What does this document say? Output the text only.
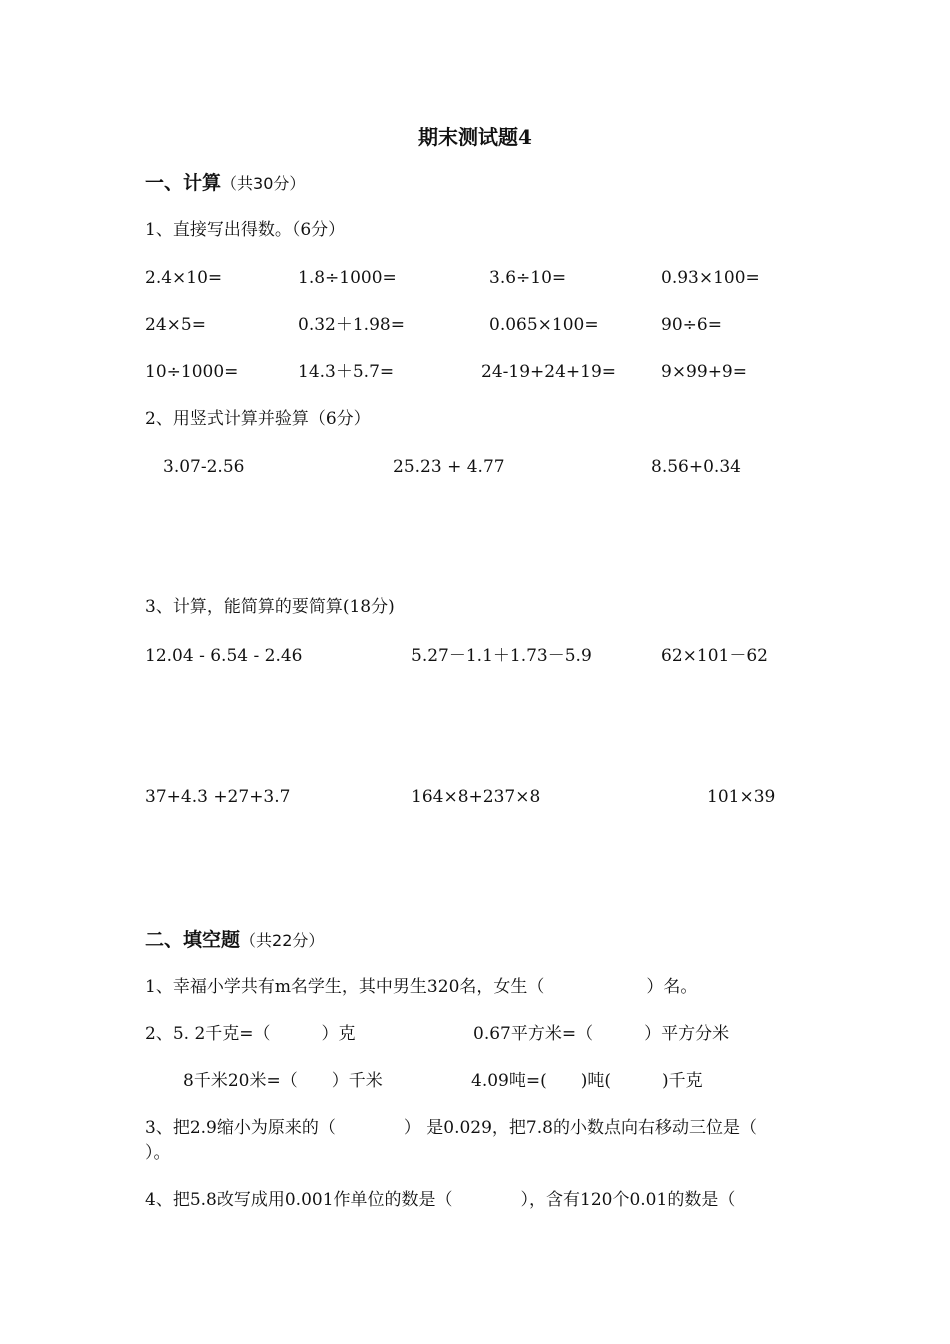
期末测试题4
一、计算（共30分）
1、直接写出得数。（6分）
2.4×10=	1.8÷1000=	3.6÷10=	0.93×100=
24×5=	0.32＋1.98=	0.065×100=	90÷6=
10÷1000=	14.3＋5.7=	24-19+24+19=	9×99+9=
2、用竖式计算并验算（6分）
3.07-2.56	25.23 + 4.77	8.56+0.34
3、计算，能简算的要简算(18分)
12.04 - 6.54 - 2.46	5.27－1.1＋1.73－5.9	62×101－62
37+4.3 +27+3.7	164×8+237×8	101×39
二、填空题（共22分）
1、幸福小学共有m名学生，其中男生320名，女生（　　　　　　）名。
2、5. 2千克=（　　　）克	0.67平方米=（　　　）平方分米
8千米20米=（　　）千米	4.09吨=(　　)吨(　　　)千克
3、把2.9缩小为原来的（　　　　） 是0.029，把7.8的小数点向右移动三位是（
）。
4、把5.8改写成用0.001作单位的数是（　　　　），含有120个0.01的数是（
